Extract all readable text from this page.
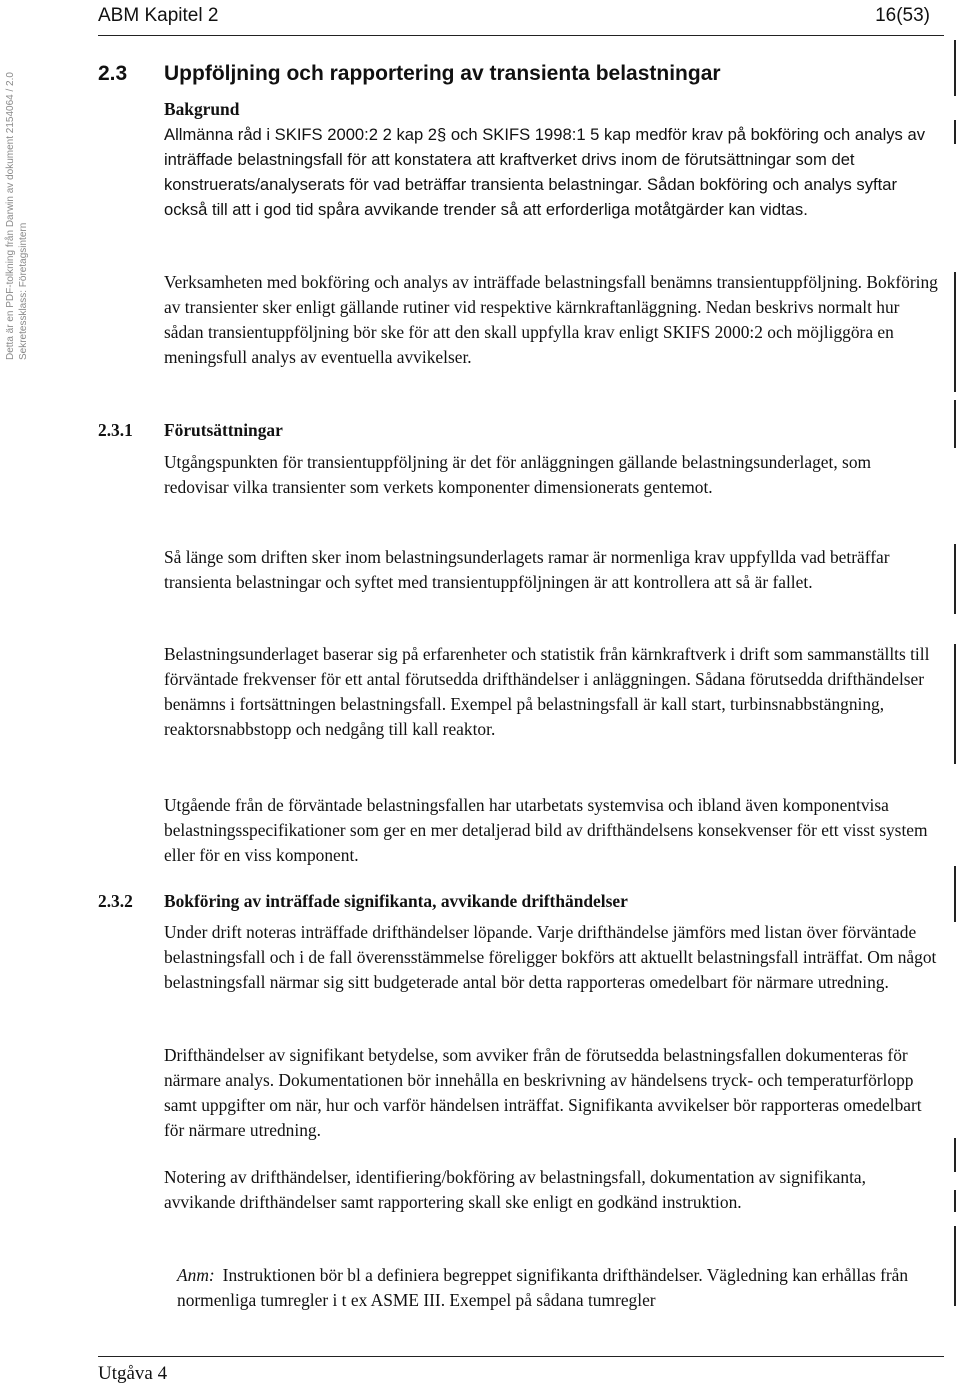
ABM Kapitel 2	16(53)
Detta är en PDF-tolkning från Darwin av dokument 2154064 / 2.0 Sekretessklass: Företagsintern
2.3 Uppföljning och rapportering av transienta belastningar

Bakgrund

Allmänna råd i SKIFS 2000:2 2 kap 2§ och SKIFS 1998:1 5 kap medför krav på bokföring och analys av inträffade belastningsfall för att konstatera att kraftverket drivs inom de förutsättningar som det konstruerats/analyserats för vad beträffar transienta belastningar. Sådan bokföring och analys syftar också till att i god tid spåra avvikande trender så att erforderliga motåtgärder kan vidtas.

Verksamheten med bokföring och analys av inträffade belastningsfall benämns transientuppföljning. Bokföring av transienter sker enligt gällande rutiner vid respektive kärnkraftanläggning. Nedan beskrivs normalt hur sådan transientuppföljning bör ske för att den skall uppfylla krav enligt SKIFS 2000:2 och möjliggöra en meningsfull analys av eventuella avvikelser.

2.3.1 Förutsättningar

Utgångspunkten för transientuppföljning är det för anläggningen gällande belastningsunderlaget, som redovisar vilka transienter som verkets komponenter dimensionerats gentemot.

Så länge som driften sker inom belastningsunderlagets ramar är normenliga krav uppfyllda vad beträffar transienta belastningar och syftet med transientuppföljningen är att kontrollera att så är fallet.

Belastningsunderlaget baserar sig på erfarenheter och statistik från kärnkraftverk i drift som sammanställts till förväntade frekvenser för ett antal förutsedda drifthändelser i anläggningen. Sådana förutsedda drifthändelser benämns i fortsättningen belastningsfall. Exempel på belastningsfall är kall start, turbinsnabbstängning, reaktorsnabbstopp och nedgång till kall reaktor.

Utgående från de förväntade belastningsfallen har utarbetats systemvisa och ibland även komponentvisa belastningsspecifikationer som ger en mer detaljerad bild av drifthändelsens konsekvenser för ett visst system eller för en viss komponent.

2.3.2 Bokföring av inträffade signifikanta, avvikande drifthändelser

Under drift noteras inträffade drifthändelser löpande. Varje drifthändelse jämförs med listan över förväntade belastningsfall och i de fall överensstämmelse föreligger bokförs att aktuellt belastningsfall inträffat. Om något belastningsfall närmar sig sitt budgeterade antal bör detta rapporteras omedelbart för närmare utredning.

Drifthändelser av signifikant betydelse, som avviker från de förutsedda belastningsfallen dokumenteras för närmare analys. Dokumentationen bör innehålla en beskrivning av händelsens tryck- och temperaturförlopp samt uppgifter om när, hur och varför händelsen inträffat. Signifikanta avvikelser bör rapporteras omedelbart för närmare utredning.

Notering av drifthändelser, identifiering/bokföring av belastningsfall, dokumentation av signifikanta, avvikande drifthändelser samt rapportering skall ske enligt en godkänd instruktion.

Anm: Instruktionen bör bl a definiera begreppet signifikanta drifthändelser. Vägledning kan erhållas från normenliga tumregler i t ex ASME III. Exempel på sådana tumregler
Utgåva 4
